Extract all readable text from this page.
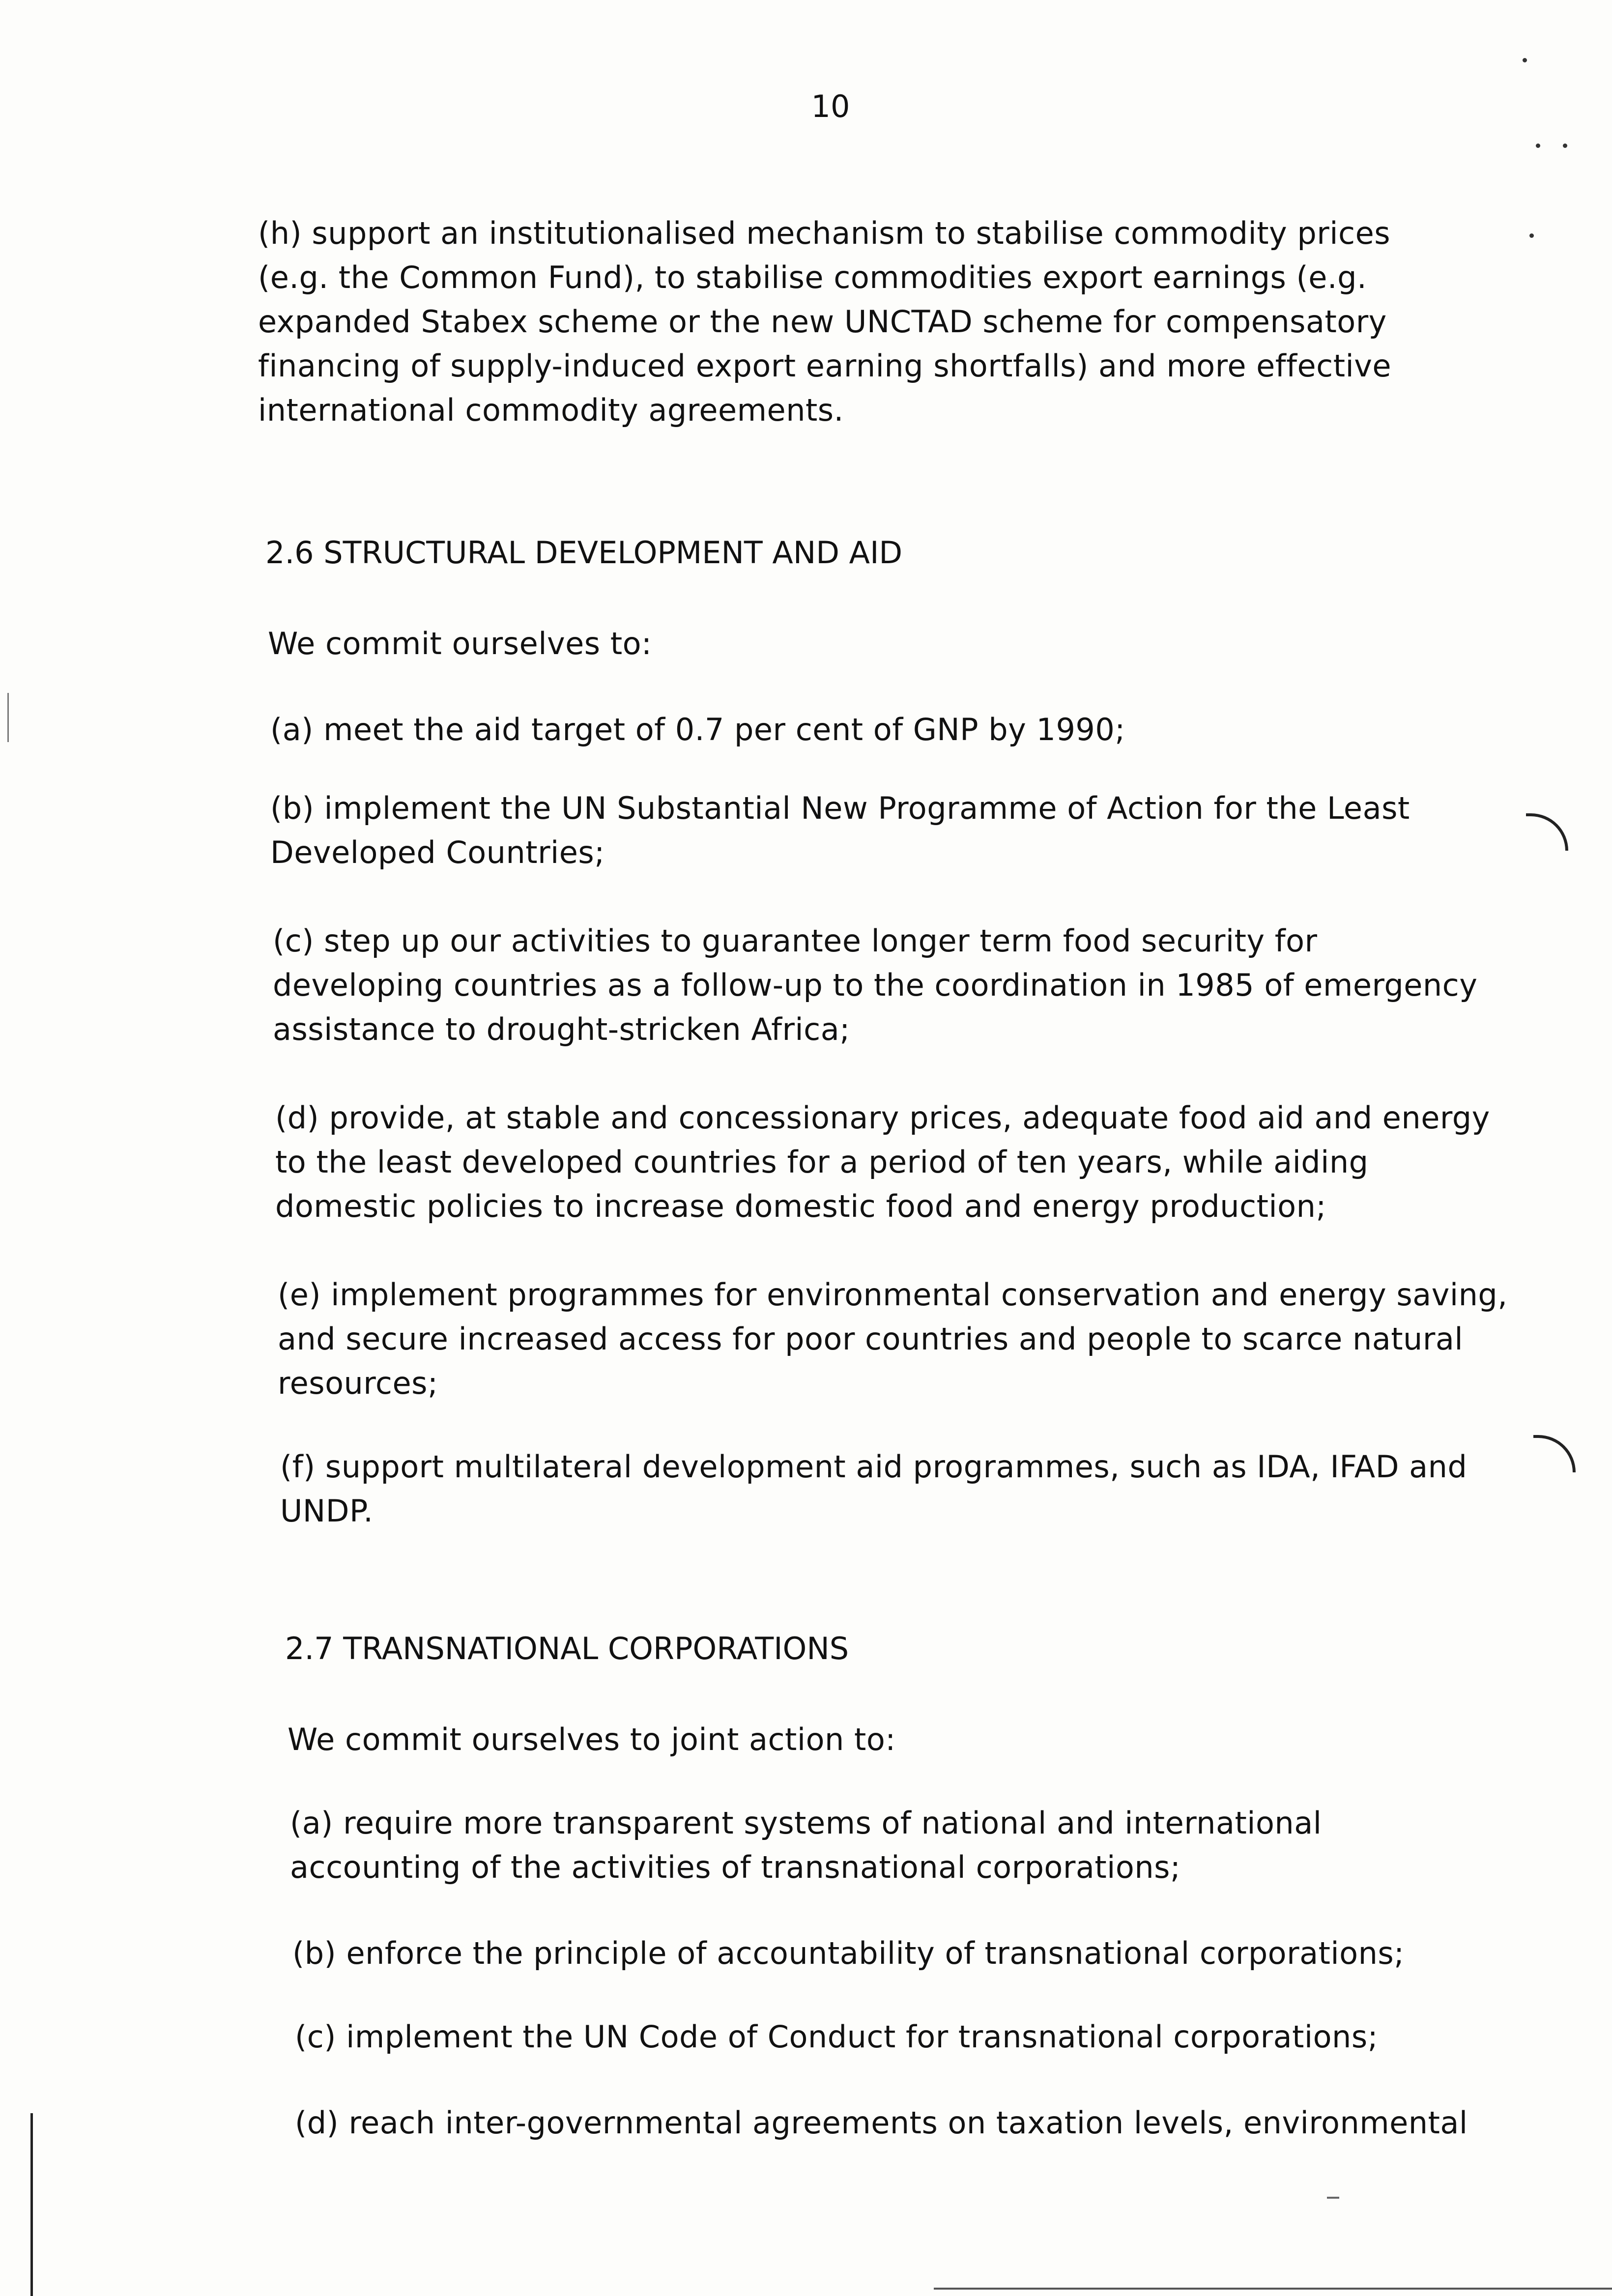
10
(h) support an institutionalised mechanism to stabilise commodity prices
(e.g. the Common Fund), to stabilise commodities export earnings (e.g.
expanded Stabex scheme or the new UNCTAD scheme for compensatory
financing of supply-induced export earning shortfalls) and more effective
international commodity agreements.
2.6 STRUCTURAL DEVELOPMENT AND AID
We commit ourselves to:
(a) meet the aid target of 0.7 per cent of GNP by 1990;
(b) implement the UN Substantial New Programme of Action for the Least
Developed Countries;
(c) step up our activities to guarantee longer term food security for
developing countries as a follow-up to the coordination in 1985 of emergency
assistance to drought-stricken Africa;
(d) provide, at stable and concessionary prices, adequate food aid and energy
to the least developed countries for a period of ten years, while aiding
domestic policies to increase domestic food and energy production;
(e) implement programmes for environmental conservation and energy saving,
and secure increased access for poor countries and people to scarce natural
resources;
(f) support multilateral development aid programmes, such as IDA, IFAD and
UNDP.
2.7 TRANSNATIONAL CORPORATIONS
We commit ourselves to joint action to:
(a) require more transparent systems of national and international
accounting of the activities of transnational corporations;
(b) enforce the principle of accountability of transnational corporations;
(c) implement the UN Code of Conduct for transnational corporations;
(d) reach inter-governmental agreements on taxation levels, environmental
